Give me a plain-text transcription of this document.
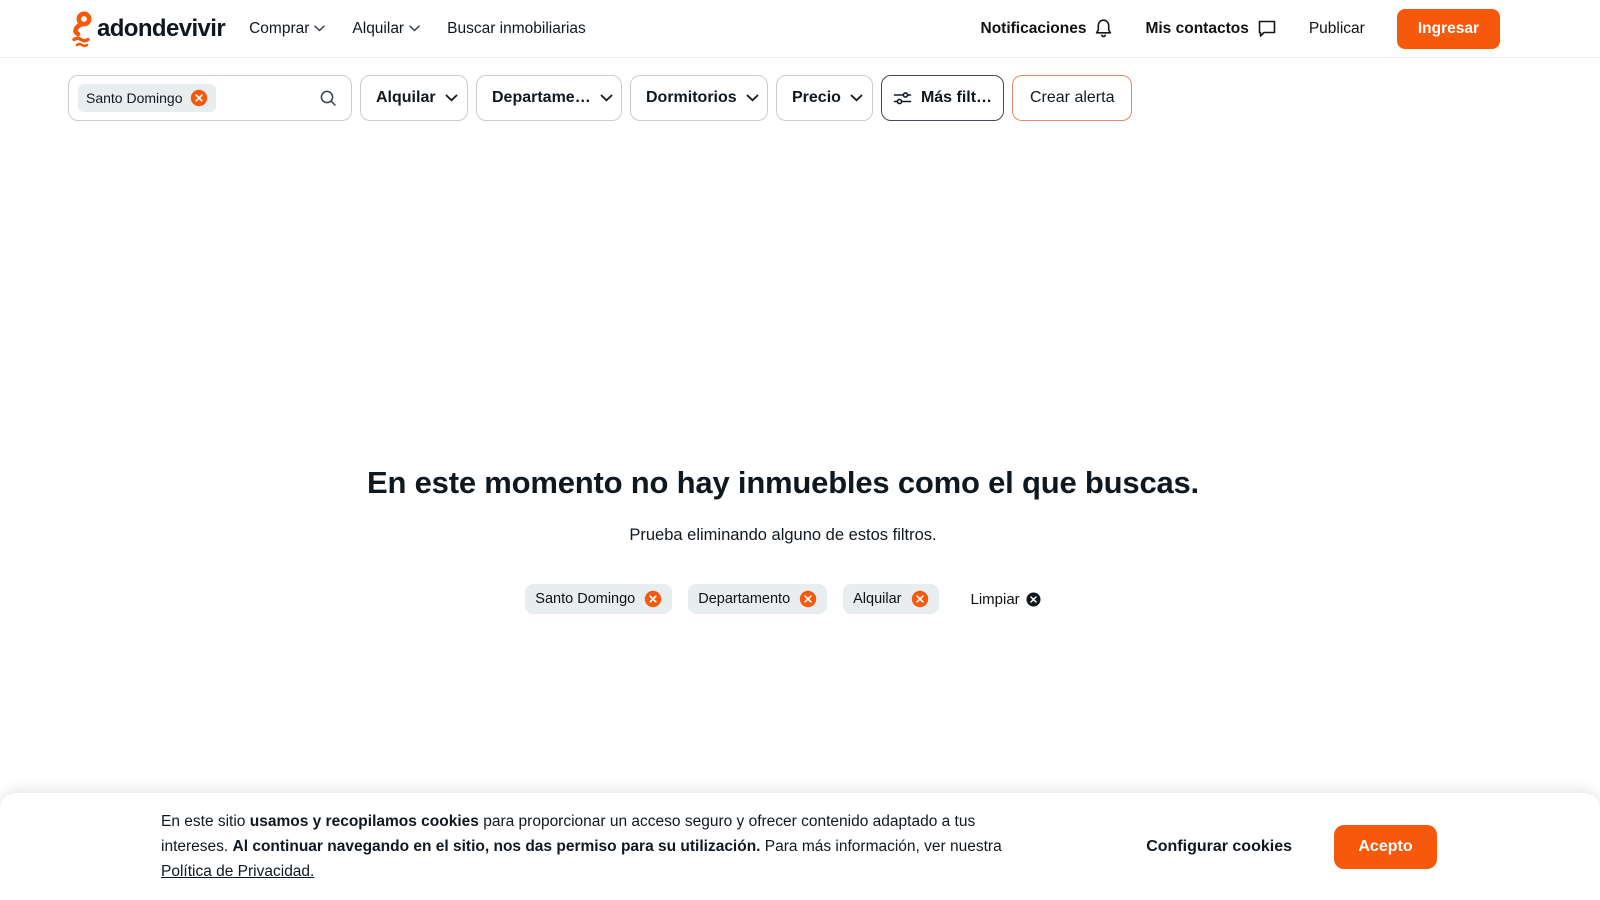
adondevivir Comprar	Alquilar	Buscar inmobiliarias	Notificaciones	Mis contactos	Publicar	Ingresar
Santo Domingo	Alquilar	Departame…	Dormitorios	Precio	Más filt…	Crear alerta
En este momento no hay inmuebles como el que buscas.

Prueba eliminando alguno de estos filtros.

Santo Domingo	Departamento	Alquilar	Limpiar

En este sitio usamos y recopilamos cookies para proporcionar un acceso seguro y ofrecer contenido adaptado a tus intereses. Al continuar navegando en el sitio, nos das permiso para su utilización. Para más información, ver nuestra Política de Privacidad.

Configurar cookies	Acepto
